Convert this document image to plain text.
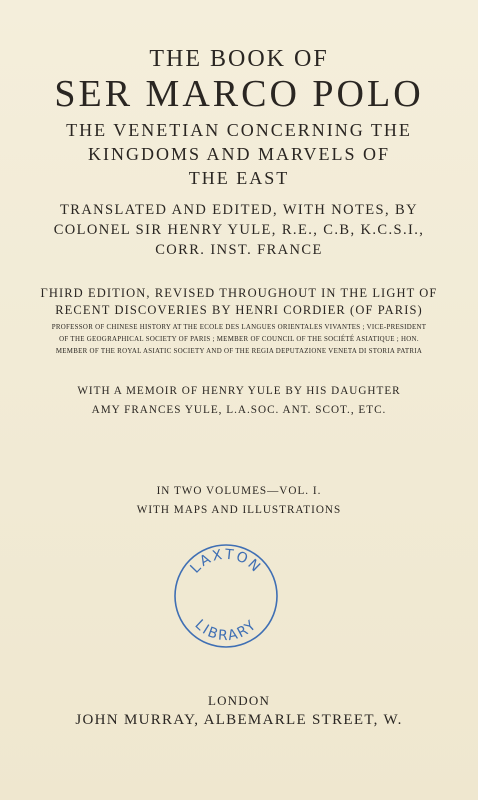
THE BOOK OF
SER MARCO POLO
THE VENETIAN CONCERNING THE
KINGDOMS AND MARVELS OF
THE EAST
TRANSLATED AND EDITED, WITH NOTES, BY
COLONEL SIR HENRY YULE, R.E., C.B, K.C.S.I.,
CORR. INST. FRANCE
ΓHIRD EDITION, REVISED THROUGHOUT IN THE LIGHT OF
RECENT DISCOVERIES BY HENRI CORDIER (OF PARIS)
PROFESSOR OF CHINESE HISTORY AT THE ECOLE DES LANGUES ORIENTALES VIVANTES ; VICE-PRESIDENT
OF THE GEOGRAPHICAL SOCIETY OF PARIS ; MEMBER OF COUNCIL OF THE SOCIÉTÉ ASIATIQUE ; HON.
MEMBER OF THE ROYAL ASIATIC SOCIETY AND OF THE REGIA DEPUTAZIONE VENETA DI STORIA PATRIA
WITH A MEMOIR OF HENRY YULE BY HIS DAUGHTER
AMY FRANCES YULE, L.A.SOC. ANT. SCOT., ETC.
IN TWO VOLUMES—VOL. I.
WITH MAPS AND ILLUSTRATIONS
LAXTON
LIBRARY
LONDON
JOHN MURRAY, ALBEMARLE STREET, W.
